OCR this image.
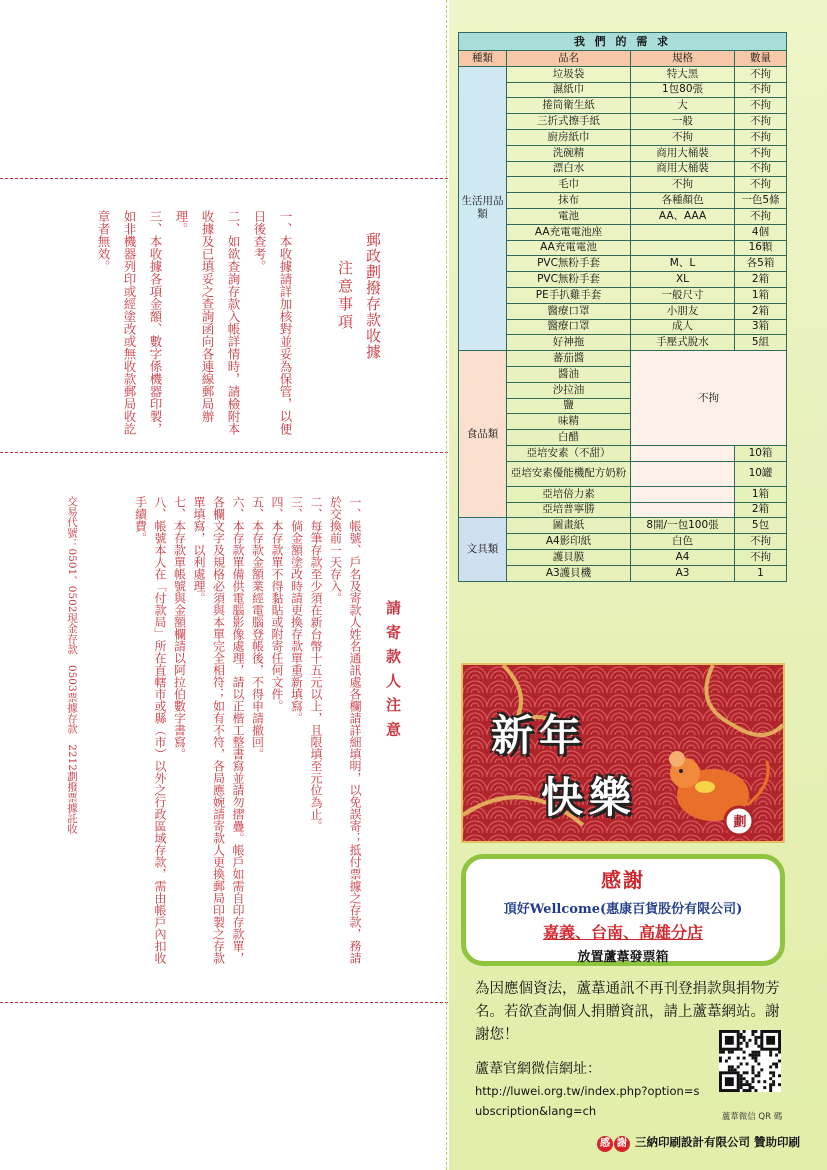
郵政劃撥存款收據
注意事項

一、本收據請詳加核對並妥為保管，以便日後查考。

二、如欲查詢存款入帳詳情時，請檢附本收據及已填妥之查詢函向各連線郵局辦理。

三、本收據各項金額、數字係機器印製，如非機器列印或經塗改或無收款郵局收訖章者無效。

請 寄 款 人 注 意

一、帳號、戶名及寄款人姓名通訊處各欄請詳細填明，以免誤寄；抵付票據之存款，務請於交換前一天存入。

二、每筆存款至少須在新台幣十五元以上，且限填至元位為止。

三、倘金額塗改時請更換存款單重新填寫。

四、本存款單不得黏貼或附寄任何文件。

五、本存款金額業經電腦登帳後，不得申請撤回。

六、本存款單備供電腦影像處理，請以正楷工整書寫並請勿摺疊。帳戶如需自印存款單，各欄文字及規格必須與本單完全相符；如有不符，各局應婉請寄款人更換郵局印製之存款單填寫，以利處理。

七、本存款單帳號與金額欄請以阿拉伯數字書寫。

八、帳號本人在「付款局」所在直轄市或縣（市）以外之行政區域存款，需由帳戶內扣收手續費。

交易代號：0501、0502現金存款　0503票據存款　2212劃撥票據託收
我 們 的 需 求			
種類	品名	規格	數量
生活用品類	垃圾袋	特大黑	不拘
	濕紙巾	1包80張	不拘
	捲筒衛生紙	大	不拘
	三折式擦手紙	一般	不拘
	廚房紙巾	不拘	不拘
	洗碗精	商用大桶裝	不拘
	漂白水	商用大桶裝	不拘
	毛巾	不拘	不拘
	抹布	各種顏色	一色5條
	電池	AA、AAA	不拘
	AA充電電池座		4個
	AA充電電池		16顆
	PVC無粉手套	M、L	各5箱
	PVC無粉手套	XL	2箱
	PE手扒雞手套	一般尺寸	1箱
	醫療口罩	小朋友	2箱
	醫療口罩	成人	3箱
	好神拖	手壓式脫水	5組
食品類	蕃茄醬	不拘	
	醬油		
	沙拉油		
	鹽		
	味精		
	白醋		
	亞培安素（不甜）		10箱
	亞培安素優能機配方奶粉		10罐
	亞培倍力素		1箱
	亞培普寧勝		2箱
文具類	圖畫紙	8開/一包100張	5包
	A4影印紙	白色	不拘
	護貝膜	A4	不拘
	A3護貝機	A3	1
新年
快樂
劃
感謝
頂好Wellcome(惠康百貨股份有限公司)
嘉義、台南、高雄分店
放置蘆葦發票箱

為因應個資法，蘆葦通訊不再刊登捐款與捐物芳名。若欲查詢個人捐贈資訊，請上蘆葦網站。謝謝您！

蘆葦官網微信網址：

http://luwei.org.tw/index.php?option=subscription&lang=ch	蘆葦微信 QR 碼

感 謝 三納印刷設計有限公司 贊助印刷
